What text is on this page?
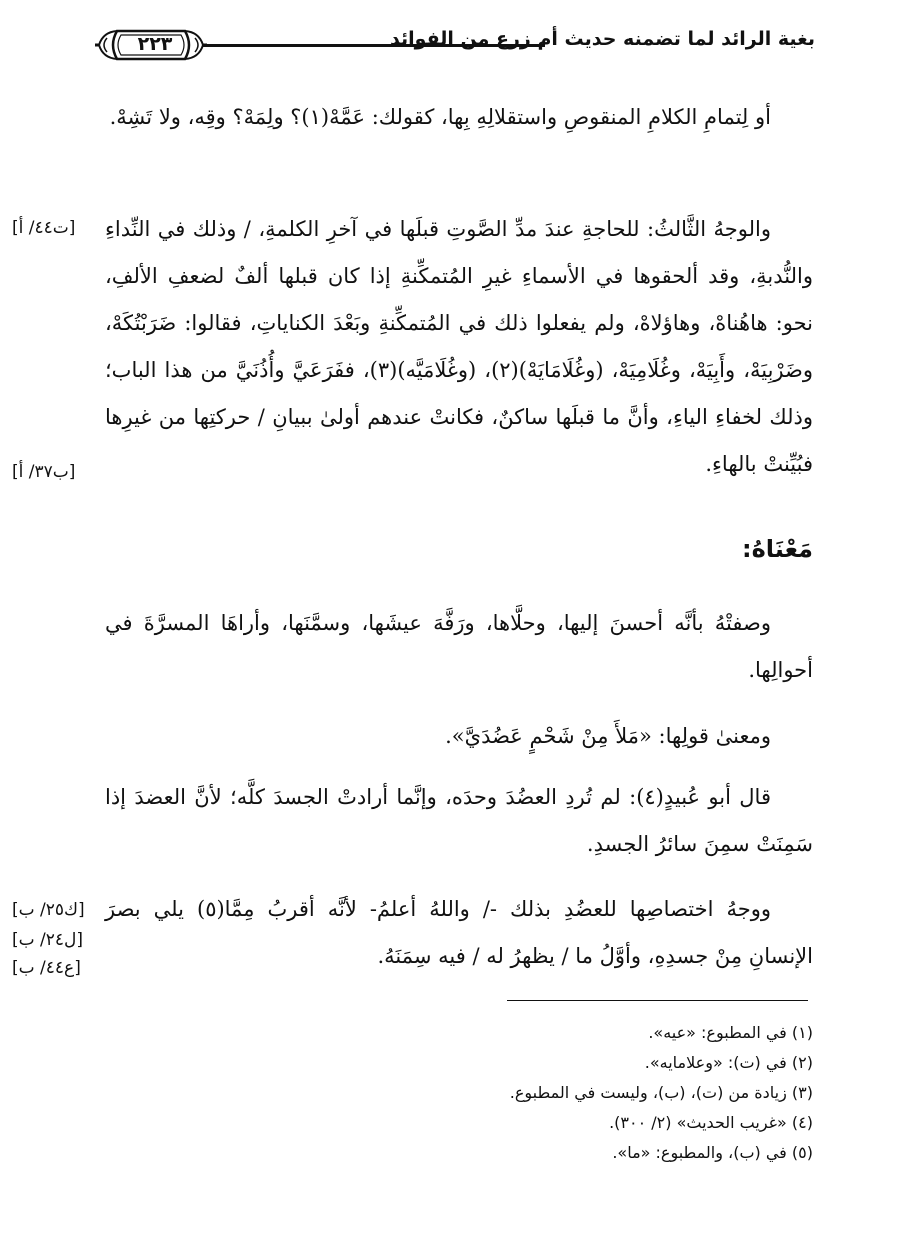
بغية الرائد لما تضمنه حديث أم زرع من الفوائد
٢٢٣
أو لِتمامِ الكلامِ المنقوصِ واستقلالِهِ بِها، كقولك: عَمَّهْ(١)؟ ولِمَهْ؟ وقِه، ولا تَشِهْ.
والوجهُ الثَّالثُ: للحاجةِ عندَ مدِّ الصَّوتِ قبلَها في آخرِ الكلمةِ، / وذلك في النِّداءِ والنُّدبةِ، وقد ألحقوها في الأسماءِ غيرِ المُتمكِّنةِ إذا كان قبلها ألفٌ لضعفِ الألفِ، نحو: هاهُناهْ، وهاؤلاهْ، ولم يفعلوا ذلك في المُتمكِّنةِ وبَعْدَ الكناياتِ، فقالوا: ضَرَبْتُكَهْ، وضَرْبِيَهْ، وأَبِيَهْ، وغُلَامِيَهْ، (وغُلَامَايَهْ)(٢)، (وغُلَامَيَّه)(٣)، ففَرَعَيَّ وأُذُنَيَّ من هذا الباب؛ وذلك لخفاءِ الياءِ، وأنَّ ما قبلَها ساكنٌ، فكانتْ عندهم أولىٰ ببيانِ / حركتِها من غيرِها فبُيِّنتْ بالهاءِ.
مَعْنَاهُ:
وصفتْهُ بأنَّه أحسنَ إليها، وحلَّاها، ورَفَّهَ عيشَها، وسمَّنَها، وأراهَا المسرَّةَ في أحوالِها.
ومعنىٰ قولِها: «مَلأَ مِنْ شَحْمٍ عَضُدَيَّ».
قال أبو عُبيدٍ(٤): لم تُردِ العضُدَ وحدَه، وإنَّما أرادتْ الجسدَ كلَّه؛ لأنَّ العضدَ إذا سَمِنَتْ سمِنَ سائرُ الجسدِ.
ووجهُ اختصاصِها للعضُدِ بذلك -/ واللهُ أعلمُ- لأنَّه أقربُ مِمَّا(٥) يلي بصرَ الإنسانِ مِنْ جسدِهِ، وأوَّلُ ما / يظهرُ له / فيه سِمَنَهُ.
[ت٤٤/ أ]
[ب٣٧/ أ]
[ك٢٥/ ب]
[ل٢٤/ ب]
[ع٤٤/ ب]
(١) في المطبوع: «عيه».
(٢) في (ت): «وعلامايه».
(٣) زيادة من (ت)، (ب)، وليست في المطبوع.
(٤) «غريب الحديث» (٢/ ٣٠٠).
(٥) في (ب)، والمطبوع: «ما».
